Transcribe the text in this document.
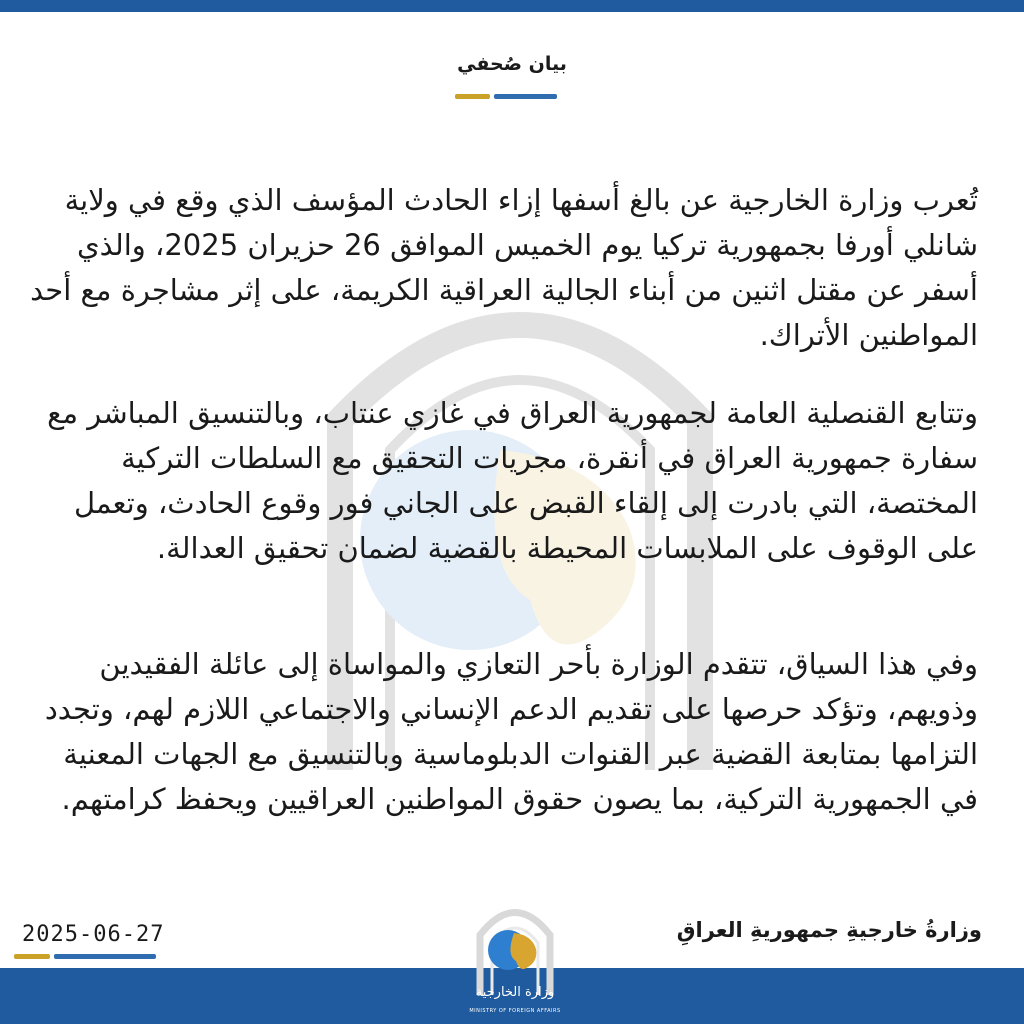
بيان صُحفي

تُعرب وزارة الخارجية عن بالغ أسفها إزاء الحادث المؤسف الذي وقع في ولاية شانلي أورفا بجمهورية تركيا يوم الخميس الموافق 26 حزيران 2025، والذي أسفر عن مقتل اثنين من أبناء الجالية العراقية الكريمة، على إثر مشاجرة مع أحد المواطنين الأتراك.

وتتابع القنصلية العامة لجمهورية العراق في غازي عنتاب، وبالتنسيق المباشر مع سفارة جمهورية العراق في أنقرة، مجريات التحقيق مع السلطات التركية المختصة، التي بادرت إلى إلقاء القبض على الجاني فور وقوع الحادث، وتعمل على الوقوف على الملابسات المحيطة بالقضية لضمان تحقيق العدالة.

وفي هذا السياق، تتقدم الوزارة بأحر التعازي والمواساة إلى عائلة الفقيدين وذويهم، وتؤكد حرصها على تقديم الدعم الإنساني والاجتماعي اللازم لهم، وتجدد التزامها بمتابعة القضية عبر القنوات الدبلوماسية وبالتنسيق مع الجهات المعنية في الجمهورية التركية، بما يصون حقوق المواطنين العراقيين ويحفظ كرامتهم.

2025-06-27	وزارةُ خارجيةِ جمهوريةِ العراقِ
وزارة الخارجية
MINISTRY OF FOREIGN AFFAIRS
